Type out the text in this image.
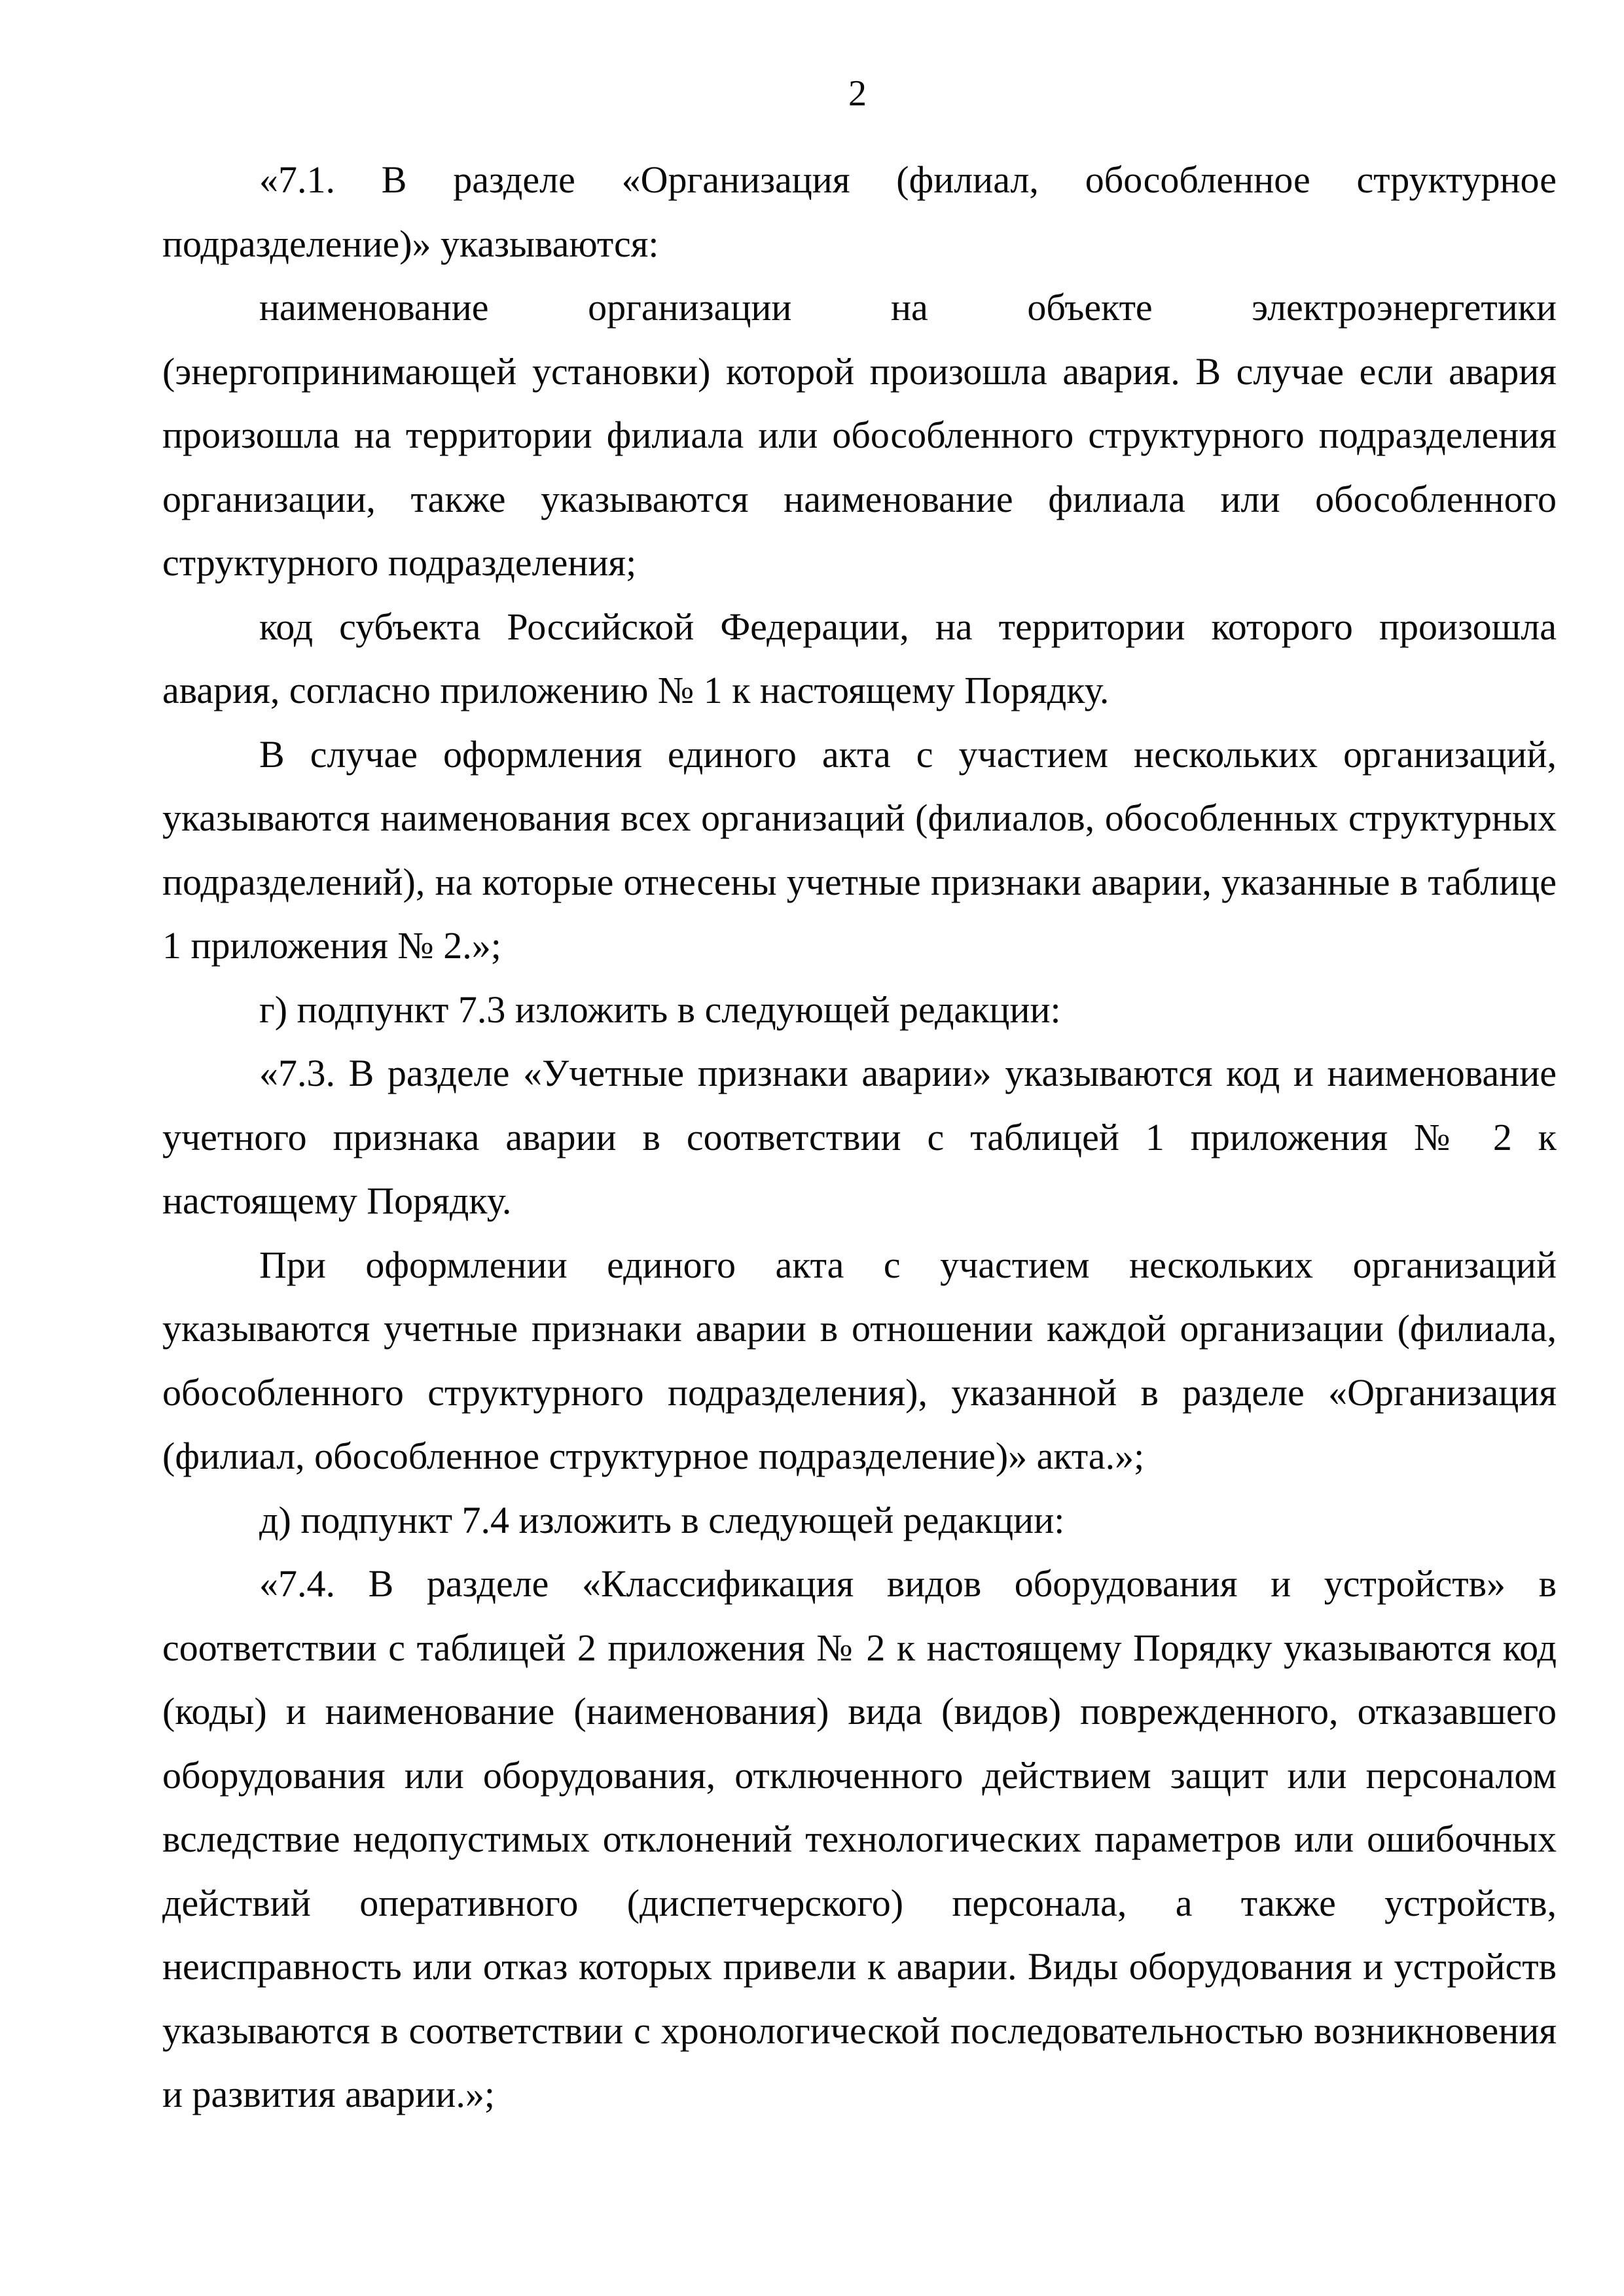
2

«7.1. В разделе «Организация (филиал, обособленное структурное подразделение)» указываются:

наименование организации на объекте электроэнергетики (энергопринимающей установки) которой произошла авария. В случае если авария произошла на территории филиала или обособленного структурного подразделения организации, также указываются наименование филиала или обособленного структурного подразделения;

код субъекта Российской Федерации, на территории которого произошла авария, согласно приложению № 1 к настоящему Порядку.

В случае оформления единого акта с участием нескольких организаций, указываются наименования всех организаций (филиалов, обособленных структурных подразделений), на которые отнесены учетные признаки аварии, указанные в таблице 1 приложения № 2.»;

г) подпункт 7.3 изложить в следующей редакции:

«7.3. В разделе «Учетные признаки аварии» указываются код и наименование учетного признака аварии в соответствии с таблицей 1 приложения № 2 к настоящему Порядку.

При оформлении единого акта с участием нескольких организаций указываются учетные признаки аварии в отношении каждой организации (филиала, обособленного структурного подразделения), указанной в разделе «Организация (филиал, обособленное структурное подразделение)» акта.»;

д) подпункт 7.4 изложить в следующей редакции:

«7.4. В разделе «Классификация видов оборудования и устройств» в соответствии с таблицей 2 приложения № 2 к настоящему Порядку указываются код (коды) и наименование (наименования) вида (видов) поврежденного, отказавшего оборудования или оборудования, отключенного действием защит или персоналом вследствие недопустимых отклонений технологических параметров или ошибочных действий оперативного (диспетчерского) персонала, а также устройств, неисправность или отказ которых привели к аварии. Виды оборудования и устройств указываются в соответствии с хронологической последовательностью возникновения и развития аварии.»;
